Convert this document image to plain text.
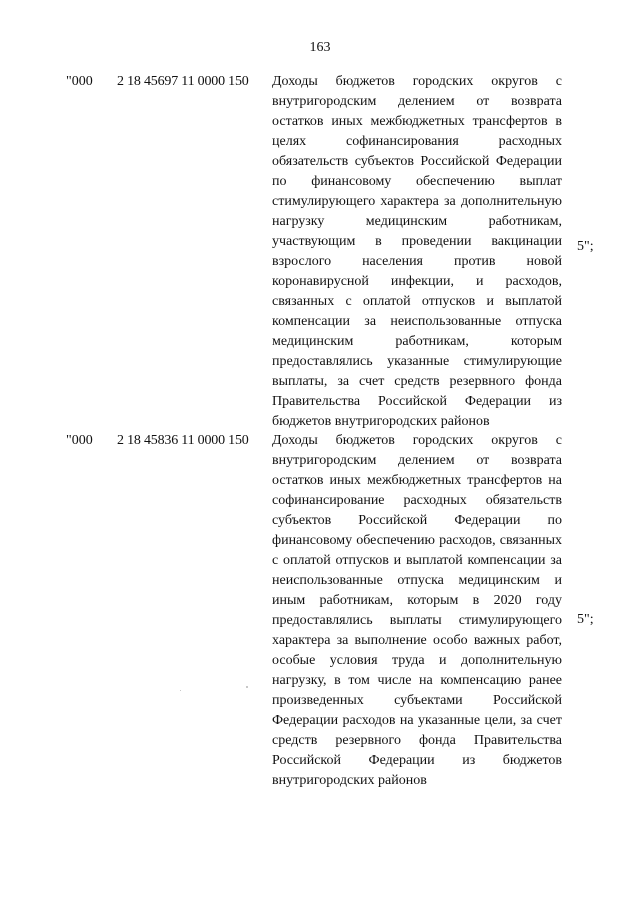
163
"000 2 18 45697 11 0000 150 Доходы бюджетов городских округов с внутригородским делением от возврата остатков иных межбюджетных трансфертов в целях софинансирования расходных обязательств субъектов Российской Федерации по финансовому обеспечению выплат стимулирующего характера за дополнительную нагрузку медицинским работникам, участвующим в проведении вакцинации взрослого населения против новой коронавирусной инфекции, и расходов, связанных с оплатой отпусков и выплатой компенсации за неиспользованные отпуска медицинским работникам, которым предоставлялись указанные стимулирующие выплаты, за счет средств резервного фонда Правительства Российской Федерации из бюджетов внутригородских районов
5";
"000 2 18 45836 11 0000 150 Доходы бюджетов городских округов с внутригородским делением от возврата остатков иных межбюджетных трансфертов на софинансирование расходных обязательств субъектов Российской Федерации по финансовому обеспечению расходов, связанных с оплатой отпусков и выплатой компенсации за неиспользованные отпуска медицинским и иным работникам, которым в 2020 году предоставлялись выплаты стимулирующего характера за выполнение особо важных работ, особые условия труда и дополнительную нагрузку, в том числе на компенсацию ранее произведенных субъектами Российской Федерации расходов на указанные цели, за счет средств резервного фонда Правительства Российской Федерации из бюджетов внутригородских районов
5";
